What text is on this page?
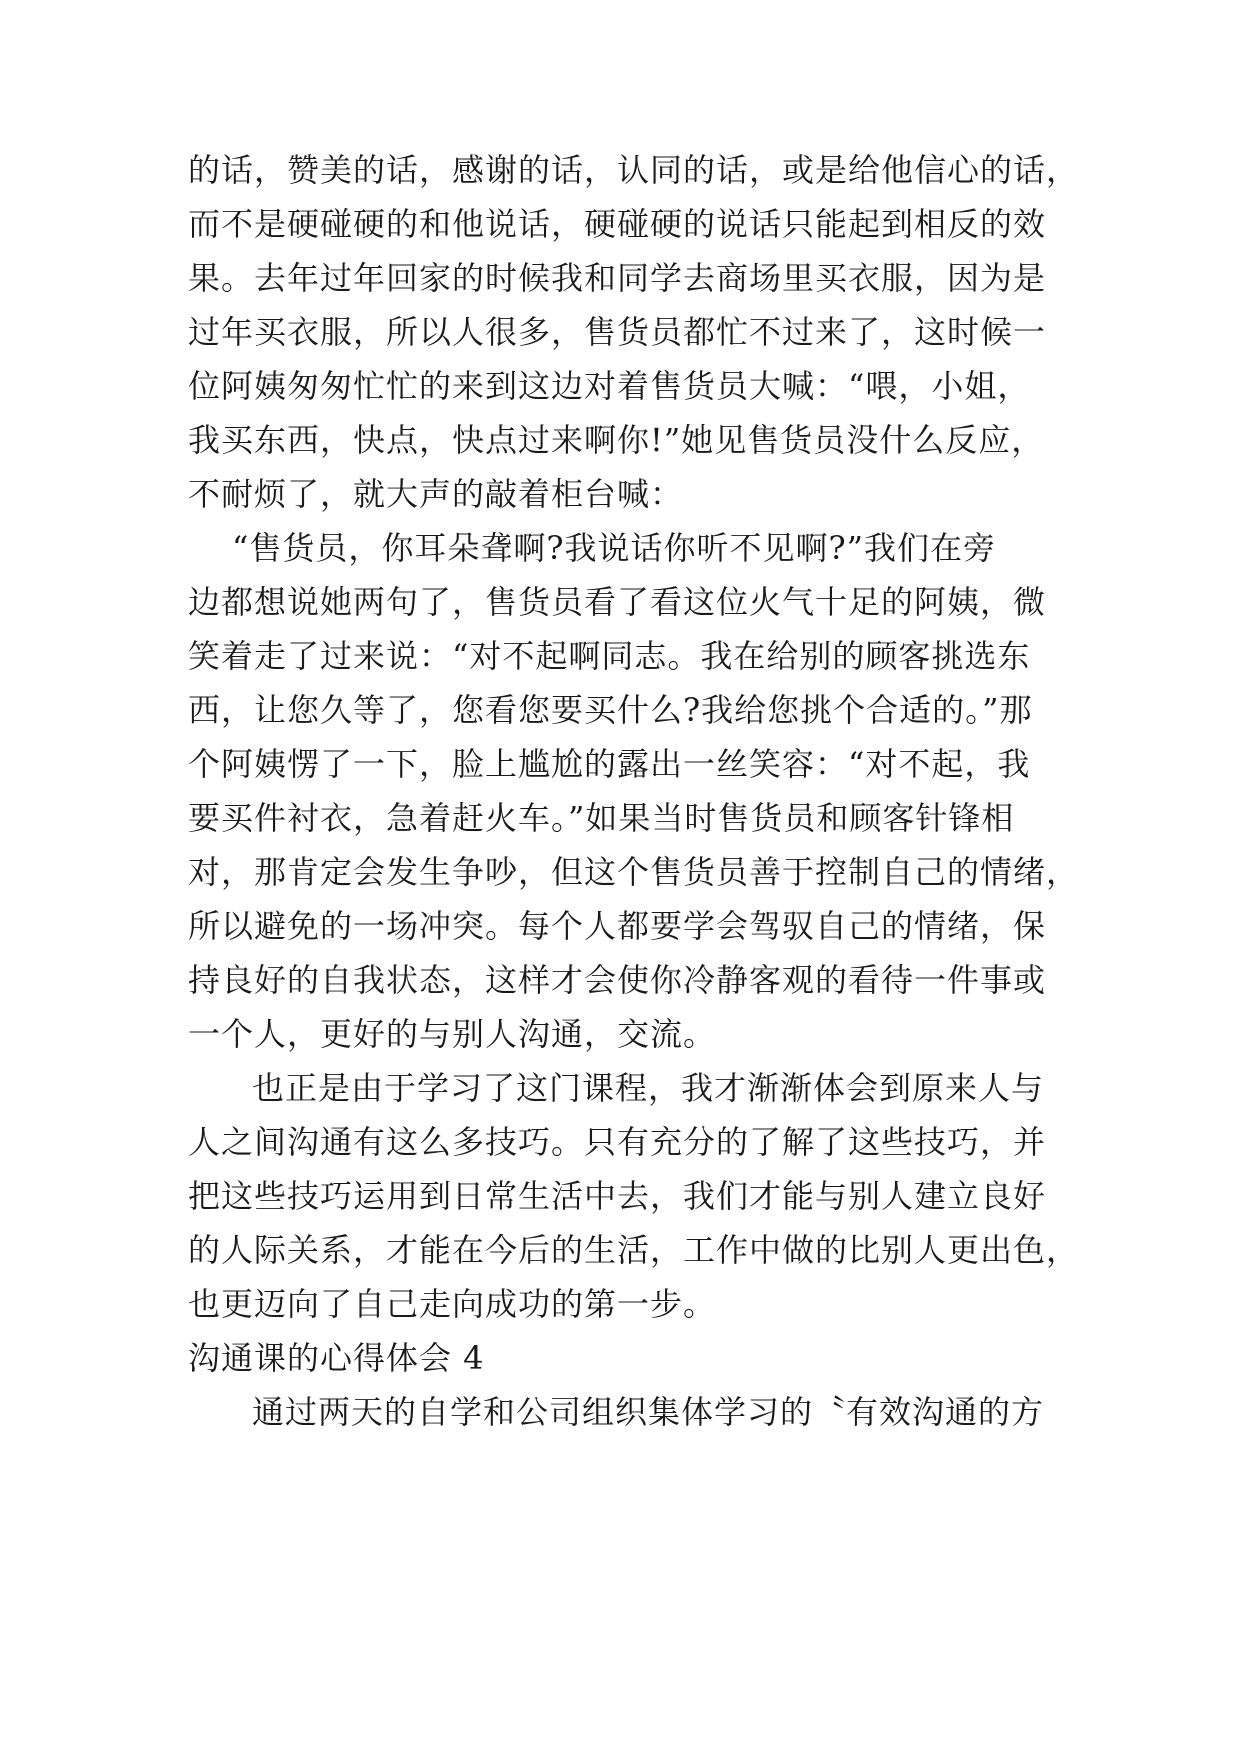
的话，赞美的话，感谢的话，认同的话，或是给他信心的话，
而不是硬碰硬的和他说话，硬碰硬的说话只能起到相反的效
果。去年过年回家的时候我和同学去商场里买衣服，因为是
过年买衣服，所以人很多，售货员都忙不过来了，这时候一
位阿姨匆匆忙忙的来到这边对着售货员大喊：“喂，小姐，
我买东西，快点，快点过来啊你!”她见售货员没什么反应，
不耐烦了，就大声的敲着柜台喊：
“售货员，你耳朵聋啊?我说话你听不见啊?”我们在旁
边都想说她两句了，售货员看了看这位火气十足的阿姨，微
笑着走了过来说：“对不起啊同志。我在给别的顾客挑选东
西，让您久等了，您看您要买什么?我给您挑个合适的。”那
个阿姨愣了一下，脸上尴尬的露出一丝笑容：“对不起，我
要买件衬衣，急着赶火车。”如果当时售货员和顾客针锋相
对，那肯定会发生争吵，但这个售货员善于控制自己的情绪，
所以避免的一场冲突。每个人都要学会驾驭自己的情绪，保
持良好的自我状态，这样才会使你冷静客观的看待一件事或
一个人，更好的与别人沟通，交流。
也正是由于学习了这门课程，我才渐渐体会到原来人与
人之间沟通有这么多技巧。只有充分的了解了这些技巧，并
把这些技巧运用到日常生活中去，我们才能与别人建立良好
的人际关系，才能在今后的生活，工作中做的比别人更出色，
也更迈向了自己走向成功的第一步。
沟通课的心得体会 4
通过两天的自学和公司组织集体学习的〝有效沟通的方
